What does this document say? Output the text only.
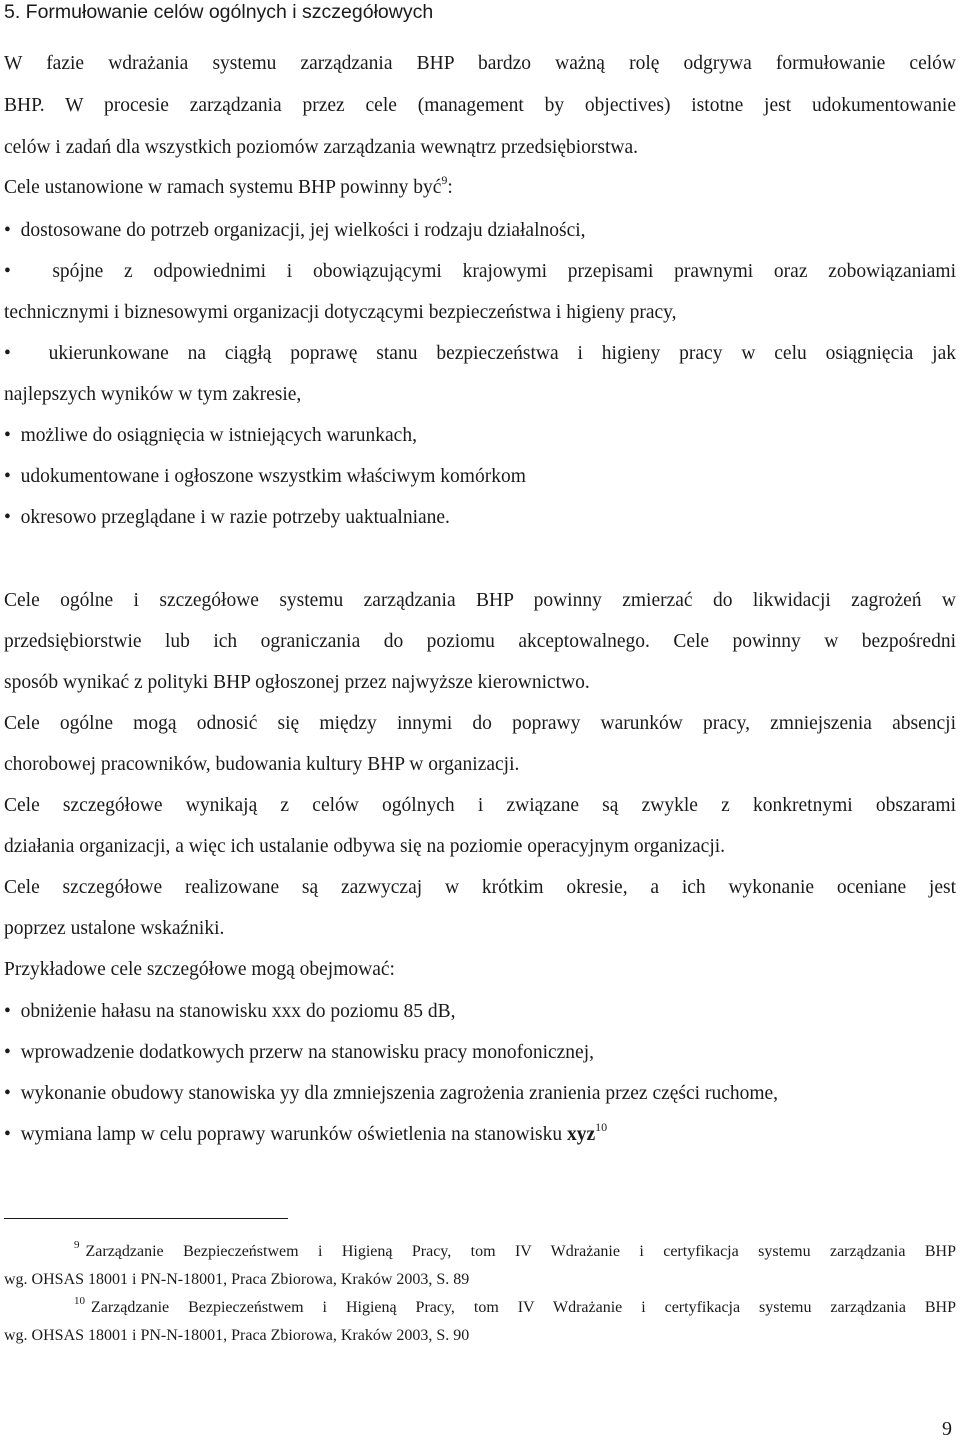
5. Formułowanie celów ogólnych i szczegółowych
W fazie wdrażania systemu zarządzania BHP bardzo ważną rolę odgrywa formułowanie celów
BHP. W procesie zarządzania przez cele (management by objectives) istotne jest udokumentowanie
celów i zadań dla wszystkich poziomów zarządzania wewnątrz przedsiębiorstwa.
Cele ustanowione w ramach systemu BHP powinny być$^9$:
•  dostosowane do potrzeb organizacji, jej wielkości i rodzaju działalności,
•  spójne z odpowiednimi i obowiązującymi krajowymi przepisami prawnymi oraz zobowiązaniami
technicznymi i biznesowymi organizacji dotyczącymi bezpieczeństwa i higieny pracy,
•  ukierunkowane na ciągłą poprawę stanu bezpieczeństwa i higieny pracy w celu osiągnięcia jak
najlepszych wyników w tym zakresie,
•  możliwe do osiągnięcia w istniejących warunkach,
•  udokumentowane i ogłoszone wszystkim właściwym komórkom
•  okresowo przeglądane i w razie potrzeby uaktualniane.
Cele ogólne i szczegółowe systemu zarządzania BHP powinny zmierzać do likwidacji zagrożeń w
przedsiębiorstwie lub ich ograniczania do poziomu akceptowalnego. Cele powinny w bezpośredni
sposób wynikać z polityki BHP ogłoszonej przez najwyższe kierownictwo.
Cele ogólne mogą odnosić się między innymi do poprawy warunków pracy, zmniejszenia absencji
chorobowej pracowników, budowania kultury BHP w organizacji.
Cele szczegółowe wynikają z celów ogólnych i związane są zwykle z konkretnymi obszarami
działania organizacji, a więc ich ustalanie odbywa się na poziomie operacyjnym organizacji.
Cele szczegółowe realizowane są zazwyczaj w krótkim okresie, a ich wykonanie oceniane jest
poprzez ustalone wskaźniki.
Przykładowe cele szczegółowe mogą obejmować:
•  obniżenie hałasu na stanowisku xxx do poziomu 85 dB,
•  wprowadzenie dodatkowych przerw na stanowisku pracy monofonicznej,
•  wykonanie obudowy stanowiska yy dla zmniejszenia zagrożenia zranienia przez części ruchome,
•  wymiana lamp w celu poprawy warunków oświetlenia na stanowisku xyz$^{10}$
$^9$ Zarządzanie Bezpieczeństwem i Higieną Pracy, tom IV Wdrażanie i certyfikacja systemu zarządzania BHP
wg. OHSAS 18001 i PN-N-18001, Praca Zbiorowa, Kraków 2003, S. 89
$^{10}$ Zarządzanie Bezpieczeństwem i Higieną Pracy, tom IV Wdrażanie i certyfikacja systemu zarządzania BHP
wg. OHSAS 18001 i PN-N-18001, Praca Zbiorowa, Kraków 2003, S. 90
9
